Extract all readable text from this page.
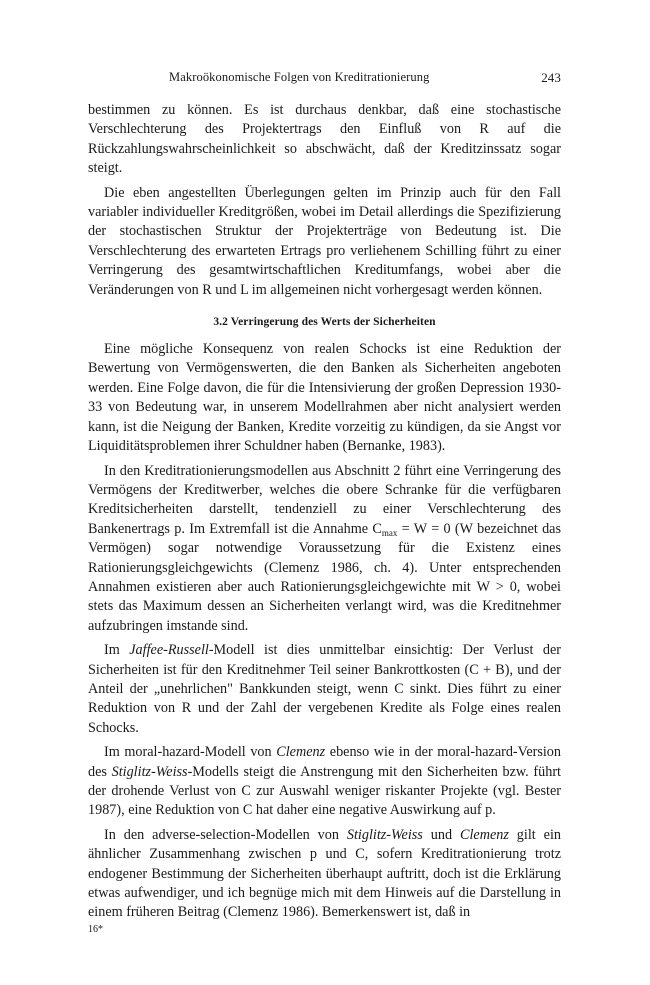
Makroökonomische Folgen von Kreditrationierung	243

bestimmen zu können. Es ist durchaus denkbar, daß eine stochastische Verschlechterung des Projektertrags den Einfluß von R auf die Rückzahlungswahrscheinlichkeit so abschwächt, daß der Kreditzinssatz sogar steigt.

Die eben angestellten Überlegungen gelten im Prinzip auch für den Fall variabler individueller Kreditgrößen, wobei im Detail allerdings die Spezifizierung der stochastischen Struktur der Projekterträge von Bedeutung ist. Die Verschlechterung des erwarteten Ertrags pro verliehenem Schilling führt zu einer Verringerung des gesamtwirtschaftlichen Kreditumfangs, wobei aber die Veränderungen von R und L im allgemeinen nicht vorhergesagt werden können.

3.2 Verringerung des Werts der Sicherheiten

Eine mögliche Konsequenz von realen Schocks ist eine Reduktion der Bewertung von Vermögenswerten, die den Banken als Sicherheiten angeboten werden. Eine Folge davon, die für die Intensivierung der großen Depression 1930-33 von Bedeutung war, in unserem Modellrahmen aber nicht analysiert werden kann, ist die Neigung der Banken, Kredite vorzeitig zu kündigen, da sie Angst vor Liquiditätsproblemen ihrer Schuldner haben (Bernanke, 1983).

In den Kreditrationierungsmodellen aus Abschnitt 2 führt eine Verringerung des Vermögens der Kreditwerber, welches die obere Schranke für die verfügbaren Kreditsicherheiten darstellt, tendenziell zu einer Verschlechterung des Bankenertrags p. Im Extremfall ist die Annahme $C_{max} = W = 0$ (W bezeichnet das Vermögen) sogar notwendige Voraussetzung für die Existenz eines Rationierungsgleichgewichts (Clemenz 1986, ch. 4). Unter entsprechenden Annahmen existieren aber auch Rationierungsgleichgewichte mit W > 0, wobei stets das Maximum dessen an Sicherheiten verlangt wird, was die Kreditnehmer aufzubringen imstande sind.

Im Jaffee-Russell-Modell ist dies unmittelbar einsichtig: Der Verlust der Sicherheiten ist für den Kreditnehmer Teil seiner Bankrottkosten (C + B), und der Anteil der „unehrlichen" Bankkunden steigt, wenn C sinkt. Dies führt zu einer Reduktion von R und der Zahl der vergebenen Kredite als Folge eines realen Schocks.

Im moral-hazard-Modell von Clemenz ebenso wie in der moral-hazard-Version des Stiglitz-Weiss-Modells steigt die Anstrengung mit den Sicherheiten bzw. führt der drohende Verlust von C zur Auswahl weniger riskanter Projekte (vgl. Bester 1987), eine Reduktion von C hat daher eine negative Auswirkung auf p.

In den adverse-selection-Modellen von Stiglitz-Weiss und Clemenz gilt ein ähnlicher Zusammenhang zwischen p und C, sofern Kreditrationierung trotz endogener Bestimmung der Sicherheiten überhaupt auftritt, doch ist die Erklärung etwas aufwendiger, und ich begnüge mich mit dem Hinweis auf die Darstellung in einem früheren Beitrag (Clemenz 1986). Bemerkenswert ist, daß in

16*
